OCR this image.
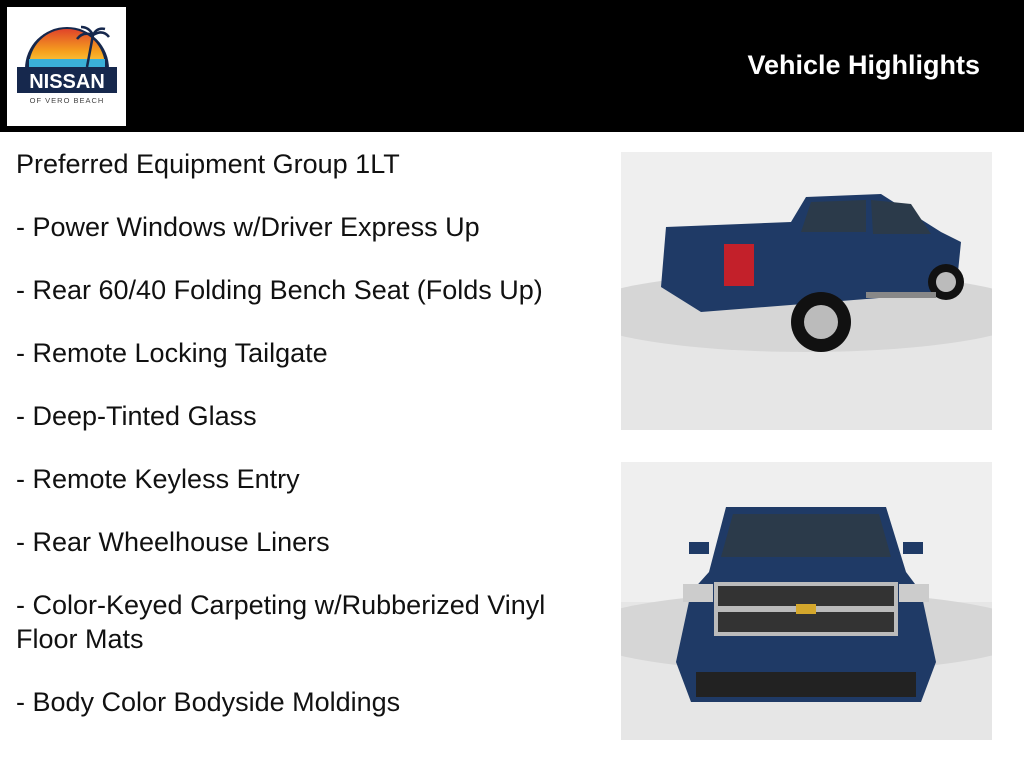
NISSAN
OF VERO BEACH
Vehicle Highlights
Preferred Equipment Group 1LT
- Power Windows w/Driver Express Up
- Rear 60/40 Folding Bench Seat (Folds Up)
- Remote Locking Tailgate
- Deep-Tinted Glass
- Remote Keyless Entry
- Rear Wheelhouse Liners
- Color-Keyed Carpeting w/Rubberized Vinyl Floor Mats
- Body Color Bodyside Moldings
